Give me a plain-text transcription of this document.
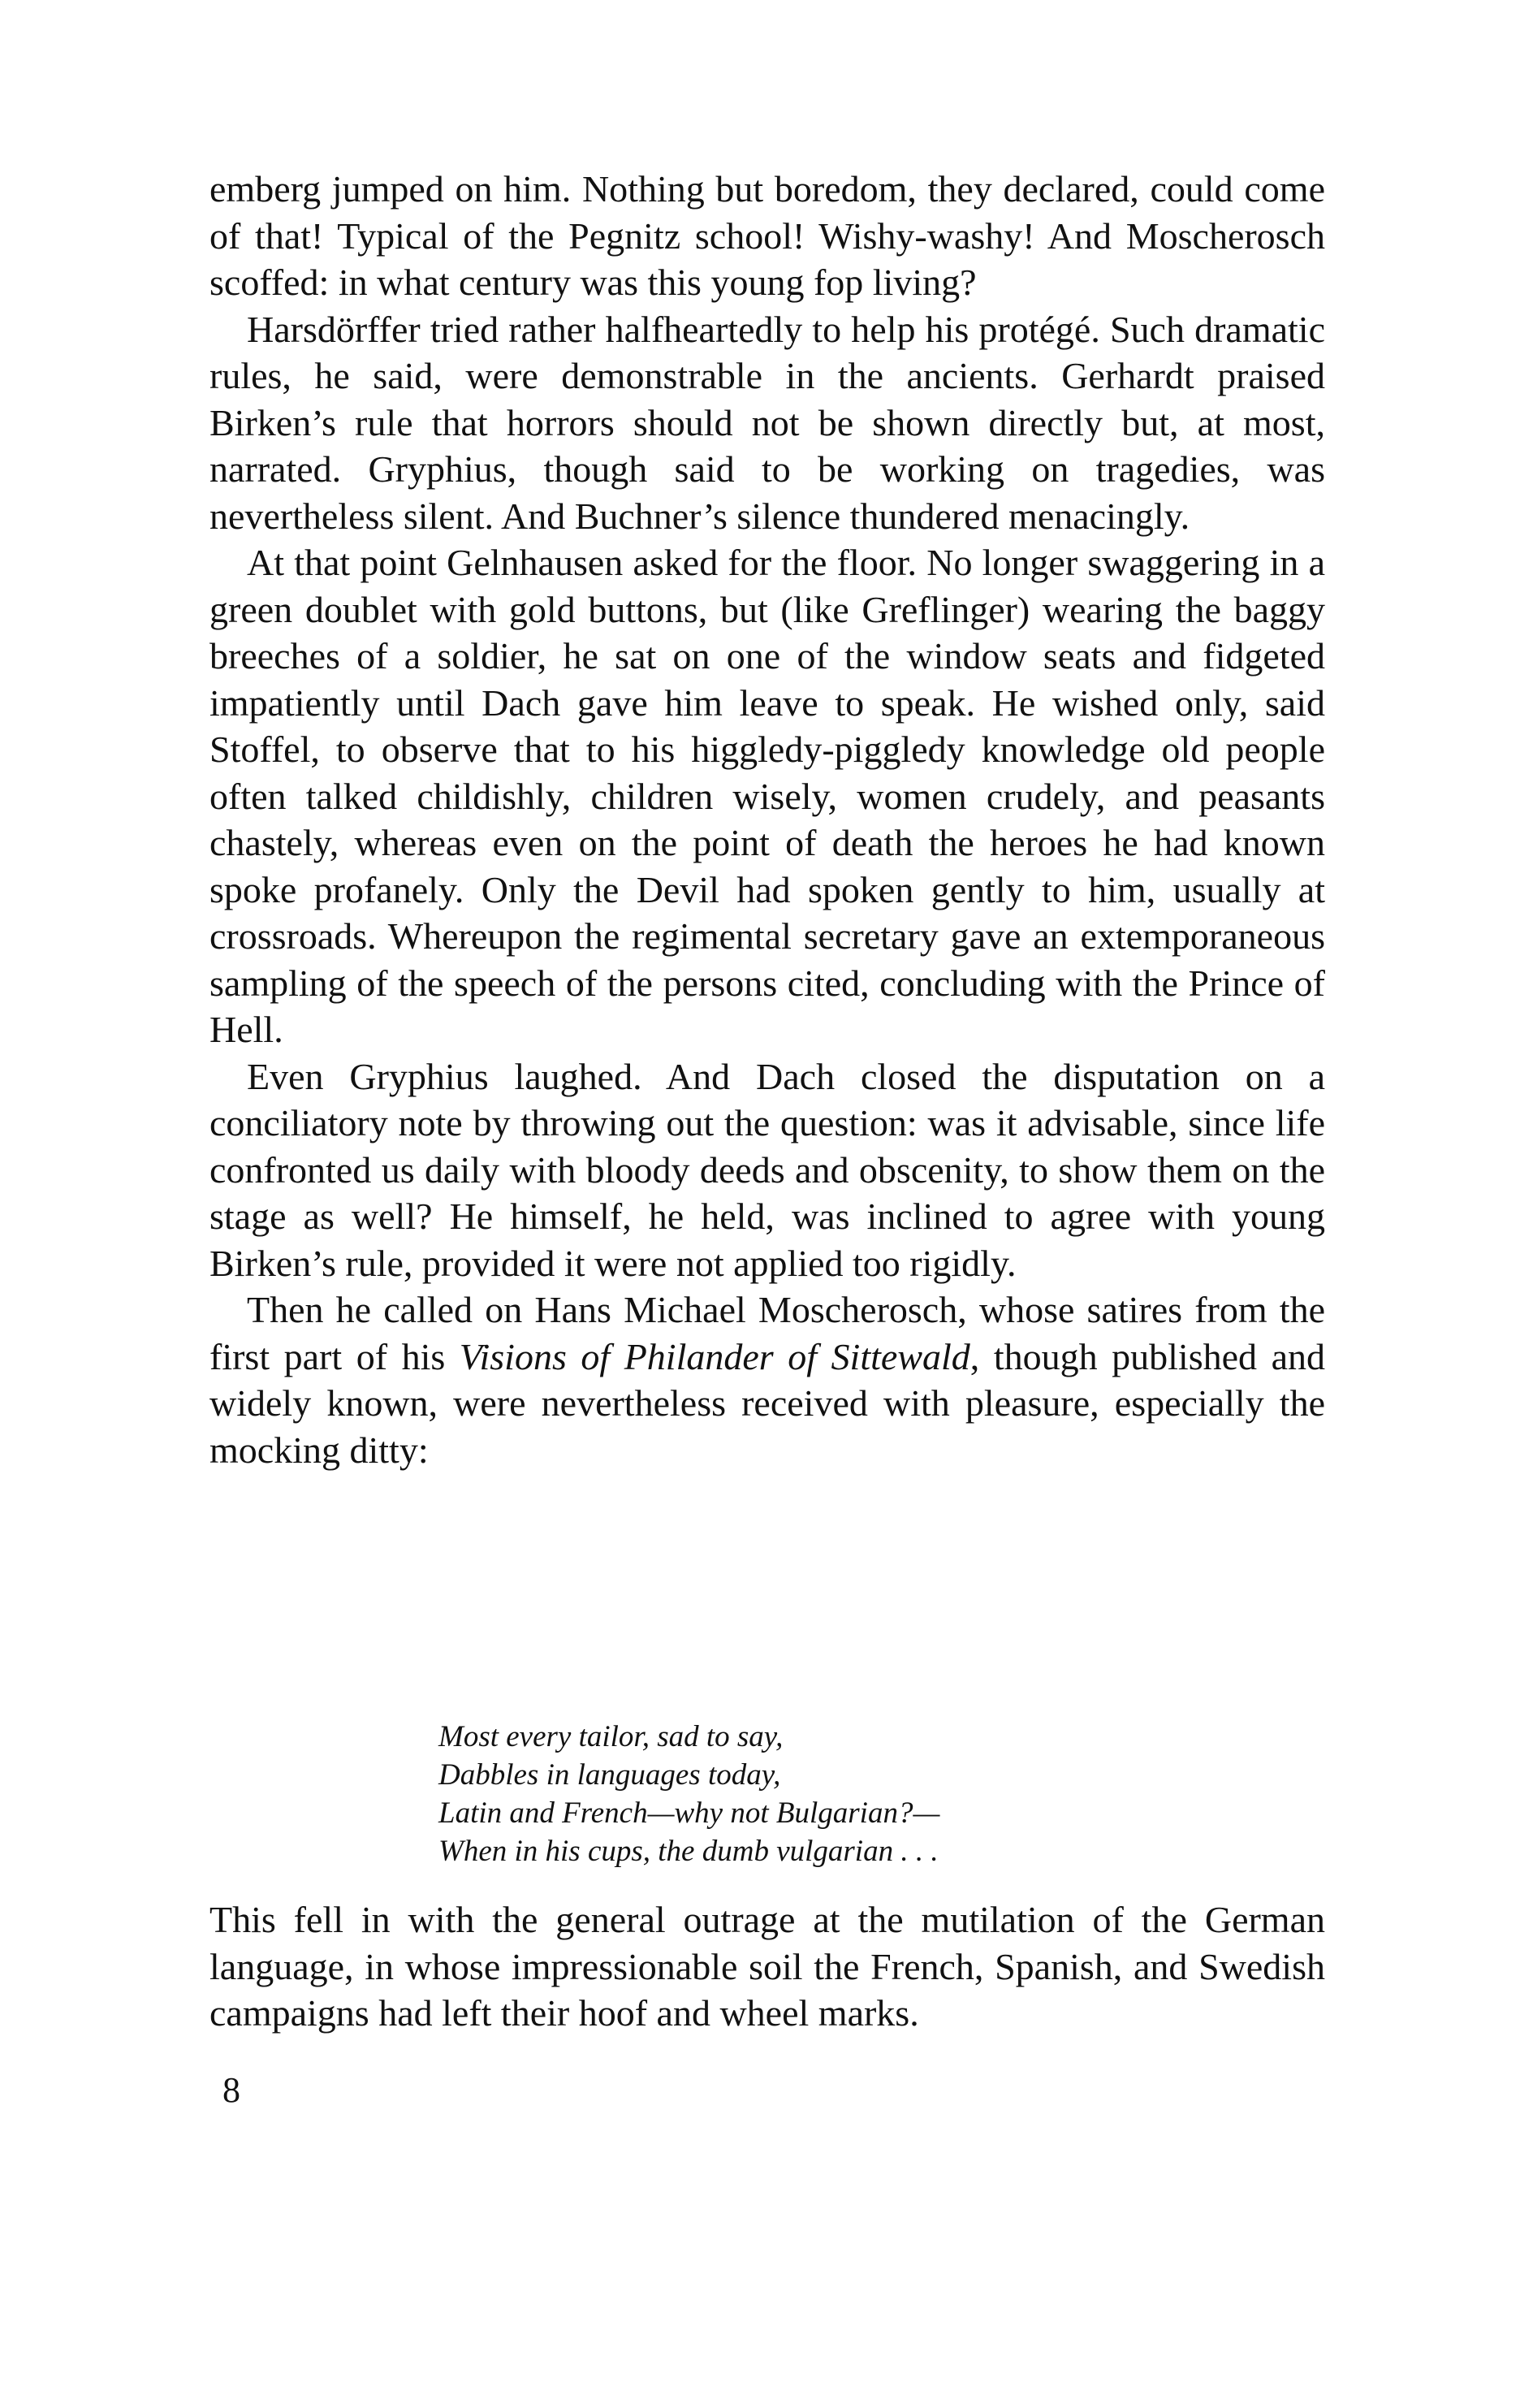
emberg jumped on him. Nothing but boredom, they declared, could come of that! Typical of the Pegnitz school! Wishy-washy! And Moscherosch scoffed: in what century was this young fop living?

Harsdörffer tried rather halfheartedly to help his protégé. Such dramatic rules, he said, were demonstrable in the ancients. Gerhardt praised Birken’s rule that horrors should not be shown directly but, at most, narrated. Gryphius, though said to be working on tragedies, was nevertheless silent. And Buchner’s silence thundered menacingly.

At that point Gelnhausen asked for the floor. No longer swaggering in a green doublet with gold buttons, but (like Greflinger) wearing the baggy breeches of a soldier, he sat on one of the window seats and fidgeted impatiently until Dach gave him leave to speak. He wished only, said Stoffel, to observe that to his higgledy-piggledy knowledge old people often talked childishly, children wisely, women crudely, and peasants chastely, whereas even on the point of death the heroes he had known spoke profanely. Only the Devil had spoken gently to him, usually at crossroads. Whereupon the regimental secretary gave an extemporaneous sampling of the speech of the persons cited, concluding with the Prince of Hell.

Even Gryphius laughed. And Dach closed the disputation on a conciliatory note by throwing out the question: was it advisable, since life confronted us daily with bloody deeds and obscenity, to show them on the stage as well? He himself, he held, was inclined to agree with young Birken’s rule, provided it were not applied too rigidly.

Then he called on Hans Michael Moscherosch, whose satires from the first part of his Visions of Philander of Sittewald, though published and widely known, were nevertheless received with pleasure, especially the mocking ditty:

Most every tailor, sad to say,
Dabbles in languages today,
Latin and French—why not Bulgarian?—
When in his cups, the dumb vulgarian . . .

This fell in with the general outrage at the mutilation of the German language, in whose impressionable soil the French, Spanish, and Swedish campaigns had left their hoof and wheel marks.

8
